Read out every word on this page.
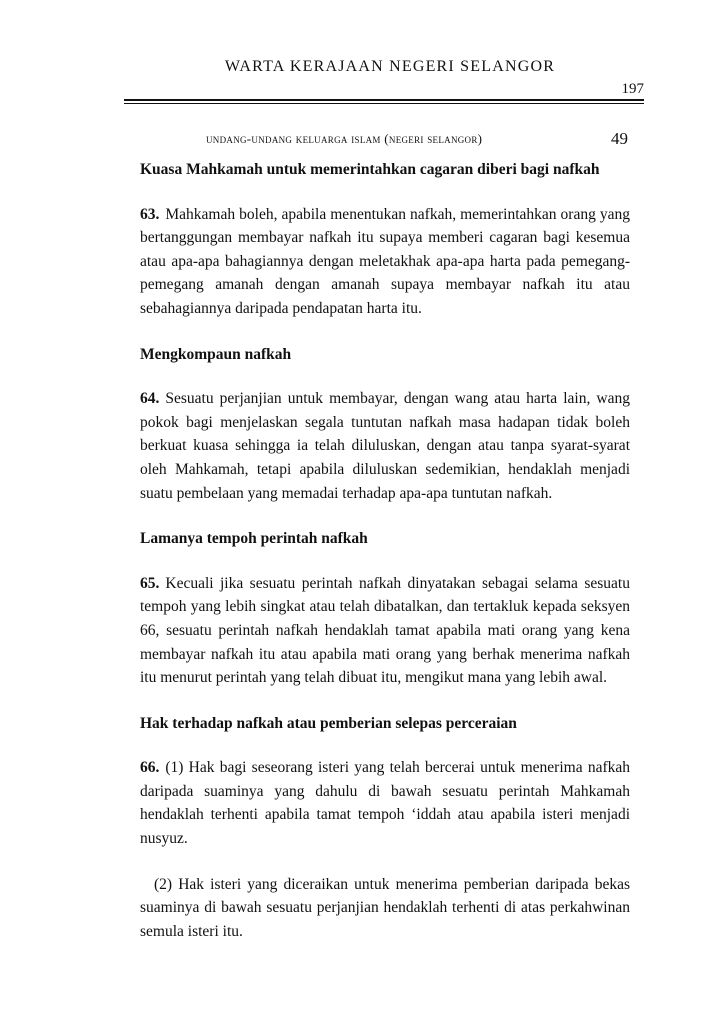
WARTA KERAJAAN NEGERI SELANGOR
197
undang-undang keluarga islam (negeri selangor)	49
Kuasa Mahkamah untuk memerintahkan cagaran diberi bagi nafkah

63. Mahkamah boleh, apabila menentukan nafkah, memerintahkan orang yang bertanggungan membayar nafkah itu supaya memberi cagaran bagi kesemua atau apa-apa bahagiannya dengan meletakhak apa-apa harta pada pemegang-pemegang amanah dengan amanah supaya membayar nafkah itu atau sebahagiannya daripada pendapatan harta itu.

Mengkompaun nafkah

64. Sesuatu perjanjian untuk membayar, dengan wang atau harta lain, wang pokok bagi menjelaskan segala tuntutan nafkah masa hadapan tidak boleh berkuat kuasa sehingga ia telah diluluskan, dengan atau tanpa syarat-syarat oleh Mahkamah, tetapi apabila diluluskan sedemikian, hendaklah menjadi suatu pembelaan yang memadai terhadap apa-apa tuntutan nafkah.

Lamanya tempoh perintah nafkah

65. Kecuali jika sesuatu perintah nafkah dinyatakan sebagai selama sesuatu tempoh yang lebih singkat atau telah dibatalkan, dan tertakluk kepada seksyen 66, sesuatu perintah nafkah hendaklah tamat apabila mati orang yang kena membayar nafkah itu atau apabila mati orang yang berhak menerima nafkah itu menurut perintah yang telah dibuat itu, mengikut mana yang lebih awal.

Hak terhadap nafkah atau pemberian selepas perceraian

66. (1) Hak bagi seseorang isteri yang telah bercerai untuk menerima nafkah daripada suaminya yang dahulu di bawah sesuatu perintah Mahkamah hendaklah terhenti apabila tamat tempoh ‘iddah atau apabila isteri menjadi nusyuz.

(2) Hak isteri yang diceraikan untuk menerima pemberian daripada bekas suaminya di bawah sesuatu perjanjian hendaklah terhenti di atas perkahwinan semula isteri itu.
